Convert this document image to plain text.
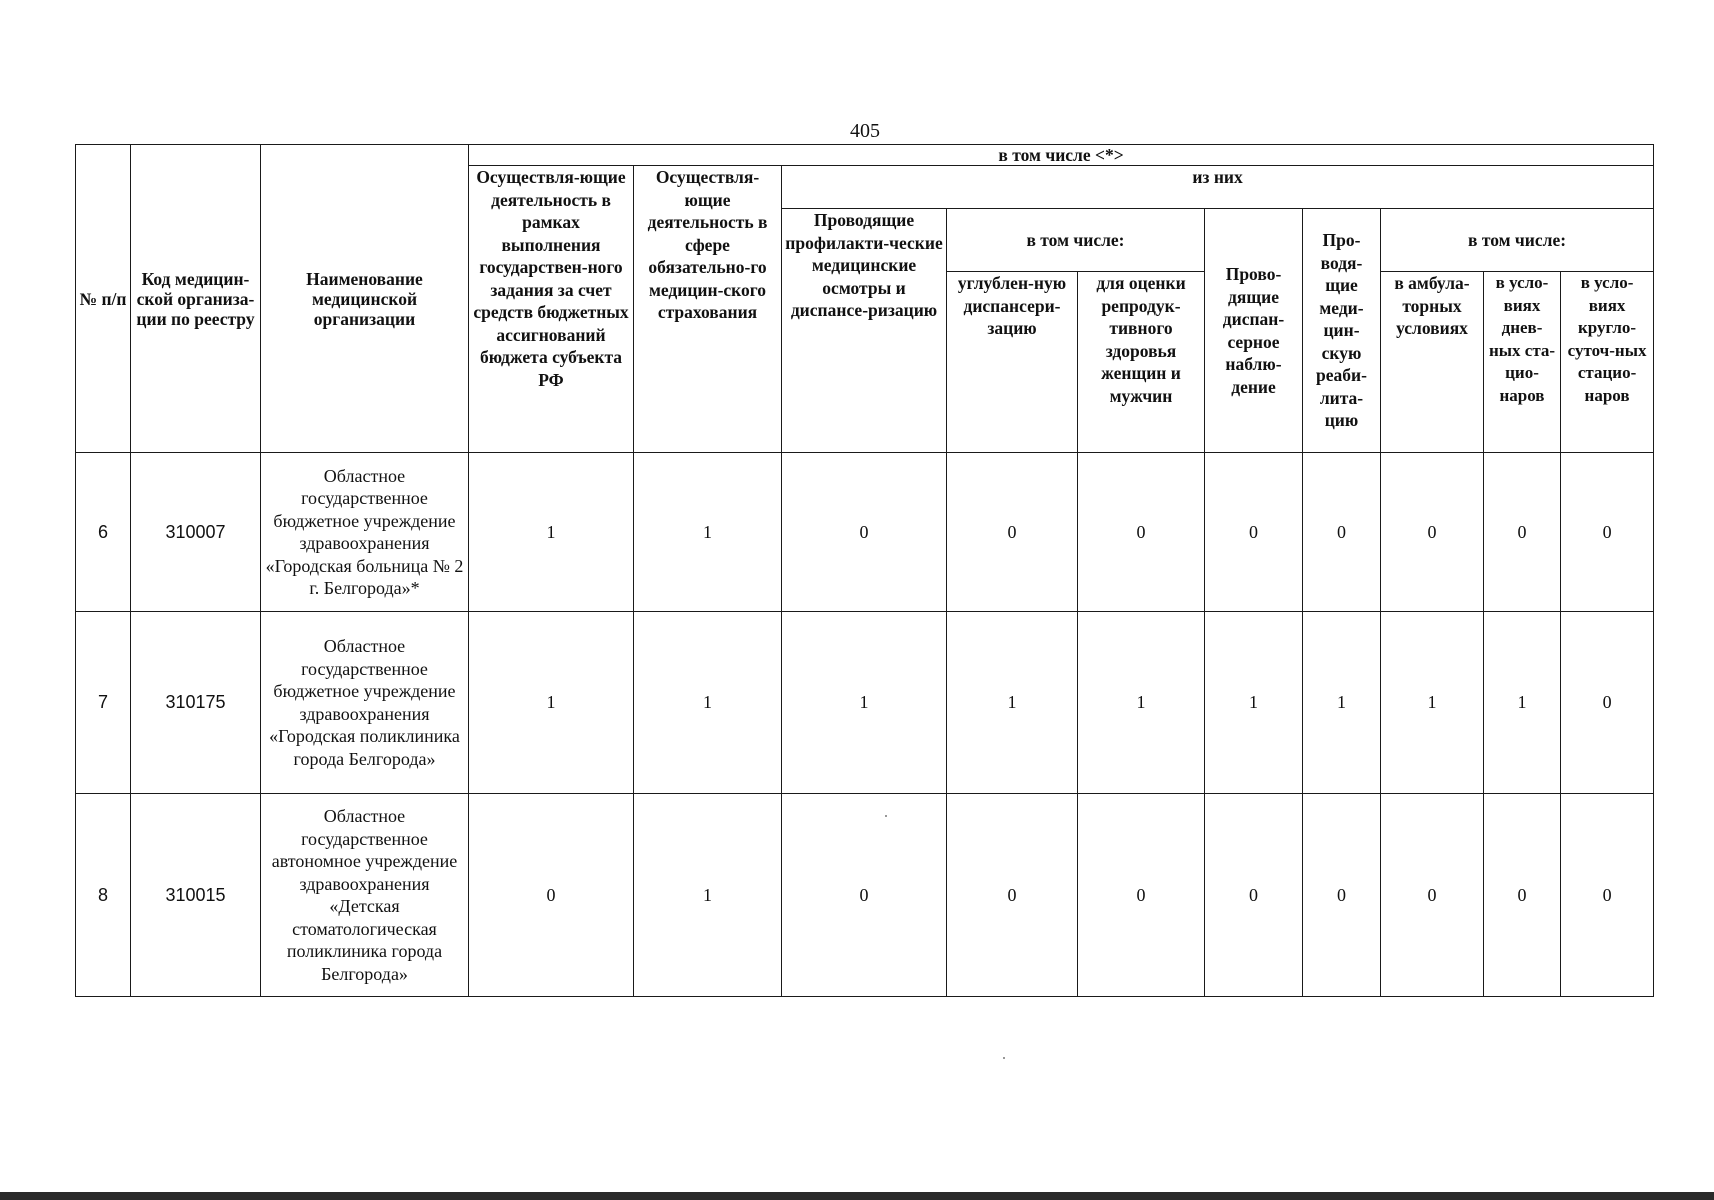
405
№ п/п	Код медицин-ской организа-ции по реестру	Наименование медицинской организации	в том числе <*>									
			Осуществля-ющие деятельность в рамках выполнения государствен-ного задания за счет средств бюджетных ассигнований бюджета субъекта РФ	Осуществля-ющие деятельность в сфере обязательно-го медицин-ского страхования	из них							
					Проводящие профилакти-ческие медицинские осмотры и диспансе-ризацию	в том числе:		Прово-дящие диспан-серное наблю-дение	Про-водя-щие меди-цин-скую реаби-лита-цию	в том числе:		
						углублен-ную диспансери-зацию	для оценки репродук-тивного здоровья женщин и мужчин			в амбула-торных условиях	в усло-виях днев-ных ста-цио-наров	в усло-виях кругло-суточ-ных стацио-наров
6	310007	Областное государственное бюджетное учреждение здравоохранения «Городская больница № 2 г. Белгорода»*	1	1	0	0	0	0	0	0	0	0
7	310175	Областное государственное бюджетное учреждение здравоохранения «Городская поликлиника города Белгорода»	1	1	1	1	1	1	1	1	1	0
8	310015	Областное государственное автономное учреждение здравоохранения «Детская стоматологическая поликлиника города Белгорода»	0	1	0	0	0	0	0	0	0	0
